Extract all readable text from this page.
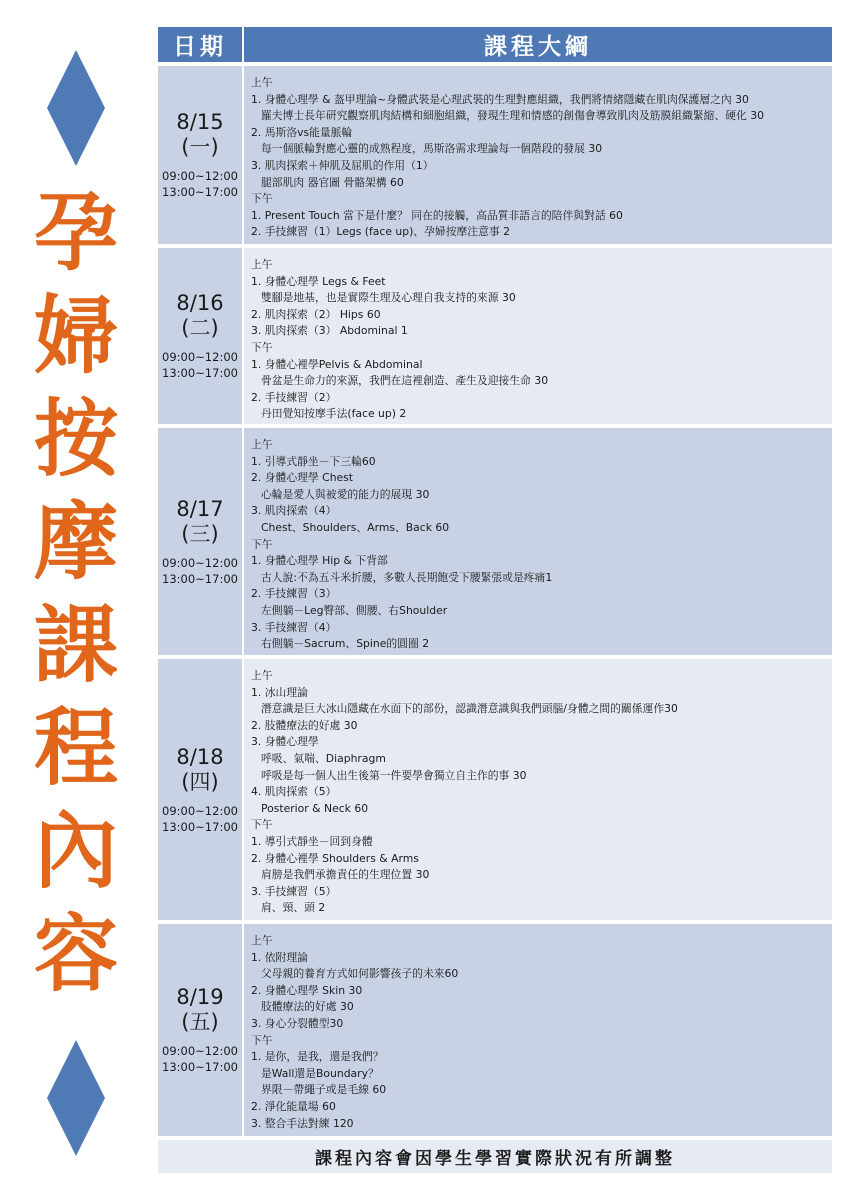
孕
婦
按
摩
課
程
內
容
日期	課程大綱
8/15
(一)
09:00~12:00
13:00~17:00
上午
1. 身體心理學 & 盔甲理論~身體武裝是心理武裝的生理對應組織，我們將情緒隱藏在肌肉保護層之內 30
羅夫博士長年研究觀察肌肉結構和細胞組織，發現生理和情感的創傷會導致肌肉及筋膜組織緊縮、硬化 30
2. 馬斯洛vs能量脈輪
每一個脈輪對應心靈的成熟程度，馬斯洛需求理論每一個階段的發展 30
3. 肌肉探索＋伸肌及屈肌的作用（1）
腿部肌肉 器官圖 骨骼架構 60
下午
1. Present Touch 當下是什麼？ 同在的接觸，高品質非語言的陪伴與對話 60
2. 手技練習（1）Legs (face up)、孕婦按摩注意事 2
8/16
(二)
09:00~12:00
13:00~17:00
上午
1. 身體心理學 Legs & Feet
雙腳是地基，也是實際生理及心理自我支持的來源 30
2. 肌肉探索（2） Hips 60
3. 肌肉探索（3） Abdominal 1
下午
1. 身體心裡學Pelvis & Abdominal
骨盆是生命力的來源，我們在這裡創造、產生及迎接生命 30
2. 手技練習（2）
丹田覺知按摩手法(face up) 2
8/17
(三)
09:00~12:00
13:00~17:00
上午
1. 引導式靜坐－下三輪60
2. 身體心理學 Chest
心輪是愛人與被愛的能力的展現 30
3. 肌肉探索（4）
Chest、Shoulders、Arms、Back 60
下午
1. 身體心理學 Hip & 下背部
古人說:不為五斗米折腰，多數人長期飽受下腰緊張或是疼痛1
2. 手技練習（3）
左側躺－Leg臀部、側腰、右Shoulder
3. 手技練習（4）
右側躺－Sacrum、Spine的圓圈 2
8/18
(四)
09:00~12:00
13:00~17:00
上午
1. 冰山理論
潛意識是巨大冰山隱藏在水面下的部份，認識潛意識與我們頭腦/身體之間的關係運作30
2. 肢體療法的好處 30
3. 身體心理學
呼吸、氣喘、Diaphragm
呼吸是每一個人出生後第一件要學會獨立自主作的事 30
4. 肌肉探索（5）
Posterior & Neck 60
下午
1. 導引式靜坐－回到身體
2. 身體心裡學 Shoulders & Arms
肩膀是我們承擔責任的生理位置 30
3. 手技練習（5）
肩、頸、頭 2
8/19
(五)
09:00~12:00
13:00~17:00
上午
1. 依附理論
父母親的養育方式如何影響孩子的未來60
2. 身體心理學 Skin 30
肢體療法的好處 30
3. 身心分裂體型30
下午
1. 是你，是我，還是我們？
是Wall還是Boundary？
界限－帶繩子或是毛線 60
2. 淨化能量場 60
3. 整合手法對練 120
課程內容會因學生學習實際狀況有所調整
